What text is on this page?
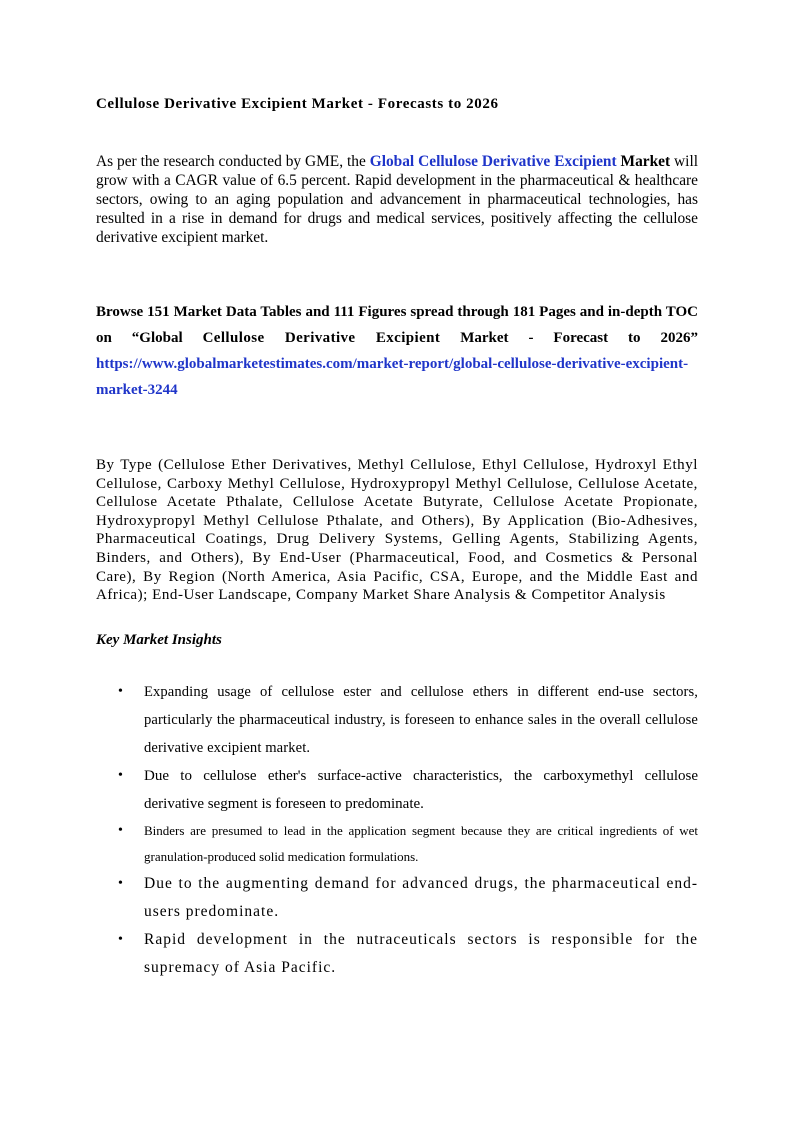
Cellulose Derivative Excipient Market - Forecasts to 2026

As per the research conducted by GME, the Global Cellulose Derivative Excipient Market will grow with a CAGR value of 6.5 percent. Rapid development in the pharmaceutical & healthcare sectors, owing to an aging population and advancement in pharmaceutical technologies, has resulted in a rise in demand for drugs and medical services, positively affecting the cellulose derivative excipient market.

Browse 151 Market Data Tables and 111 Figures spread through 181 Pages and in-depth TOC on “Global Cellulose Derivative Excipient Market - Forecast to 2026” https://www.globalmarketestimates.com/market-report/global-cellulose-derivative-excipient-market-3244

By Type (Cellulose Ether Derivatives, Methyl Cellulose, Ethyl Cellulose, Hydroxyl Ethyl Cellulose, Carboxy Methyl Cellulose, Hydroxypropyl Methyl Cellulose, Cellulose Acetate, Cellulose Acetate Pthalate, Cellulose Acetate Butyrate, Cellulose Acetate Propionate, Hydroxypropyl Methyl Cellulose Pthalate, and Others), By Application (Bio-Adhesives, Pharmaceutical Coatings, Drug Delivery Systems, Gelling Agents, Stabilizing Agents, Binders, and Others), By End-User (Pharmaceutical, Food, and Cosmetics & Personal Care), By Region (North America, Asia Pacific, CSA, Europe, and the Middle East and Africa); End-User Landscape, Company Market Share Analysis & Competitor Analysis

Key Market Insights
• Expanding usage of cellulose ester and cellulose ethers in different end-use sectors, particularly the pharmaceutical industry, is foreseen to enhance sales in the overall cellulose derivative excipient market.
• Due to cellulose ether's surface-active characteristics, the carboxymethyl cellulose derivative segment is foreseen to predominate.
• Binders are presumed to lead in the application segment because they are critical ingredients of wet granulation-produced solid medication formulations.
• Due to the augmenting demand for advanced drugs, the pharmaceutical end-users predominate.
• Rapid development in the nutraceuticals sectors is responsible for the supremacy of Asia Pacific.
